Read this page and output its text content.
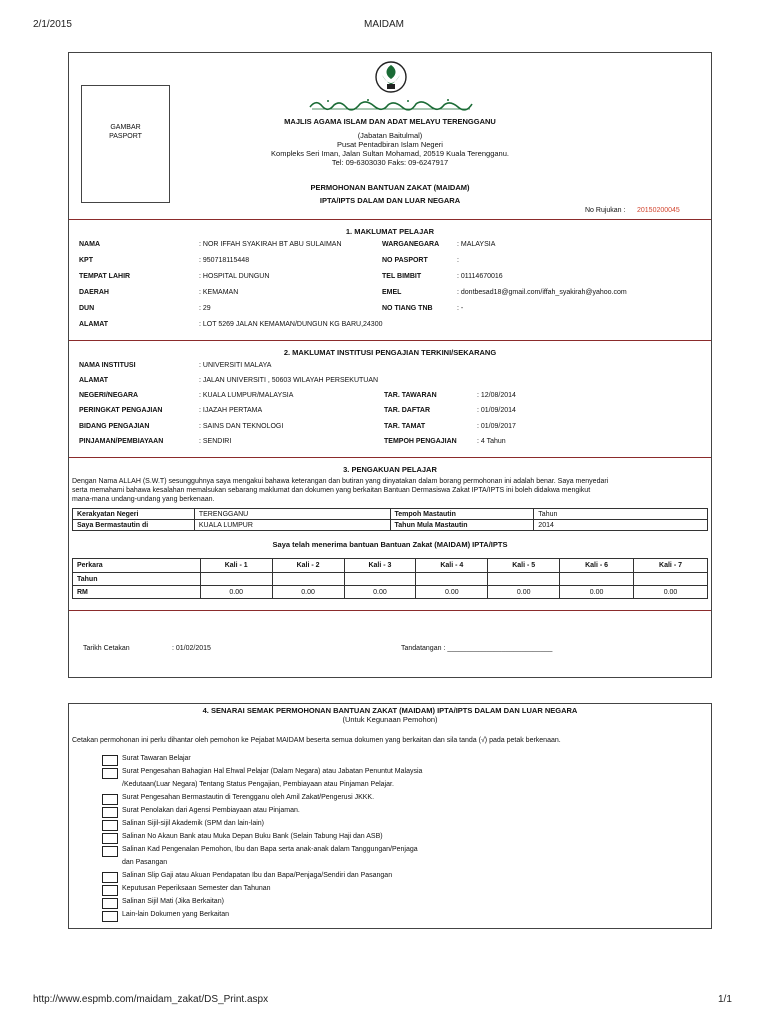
2/1/2015	MAIDAM
GAMBAR
PASPORT
MAJLIS AGAMA ISLAM DAN ADAT MELAYU TERENGGANU
(Jabatan Baitulmal)
Pusat Pentadbiran Islam Negeri
Kompleks Seri Iman, Jalan Sultan Mohamad, 20519 Kuala Terengganu.
Tel: 09-6303030 Faks: 09-6247917
PERMOHONAN BANTUAN ZAKAT (MAIDAM)
IPTA/IPTS DALAM DAN LUAR NEGARA
No Rujukan : 20150200045
1. MAKLUMAT PELAJAR
NAMA	: NOR IFFAH SYAKIRAH BT ABU SULAIMAN
KPT	: 950718115448
TEMPAT LAHIR	: HOSPITAL DUNGUN
DAERAH	: KEMAMAN
DUN	: 29
ALAMAT	: LOT 5269 JALAN KEMAMAN/DUNGUN KG BARU,24300
WARGANEGARA	: MALAYSIA
NO PASPORT	:
TEL BIMBIT	: 01114670016
EMEL	: dontbesad18@gmail.com/iffah_syakirah@yahoo.com
NO TIANG TNB	: -
2. MAKLUMAT INSTITUSI PENGAJIAN TERKINI/SEKARANG
NAMA INSTITUSI	: UNIVERSITI MALAYA
ALAMAT	: JALAN UNIVERSITI , 50603 WILAYAH PERSEKUTUAN
NEGERI/NEGARA	: KUALA LUMPUR/MALAYSIA
PERINGKAT PENGAJIAN	: IJAZAH PERTAMA
BIDANG PENGAJIAN	: SAINS DAN TEKNOLOGI
PINJAMAN/PEMBIAYAAN	: SENDIRI
TAR. TAWARAN	: 12/08/2014
TAR. DAFTAR	: 01/09/2014
TAR. TAMAT	: 01/09/2017
TEMPOH PENGAJIAN	: 4 Tahun
3. PENGAKUAN PELAJAR
Dengan Nama ALLAH (S.W.T) sesungguhnya saya mengakui bahawa keterangan dan butiran yang dinyatakan dalam borang permohonan ini adalah benar. Saya menyedari
serta memahami bahawa kesalahan memalsukan sebarang maklumat dan dokumen yang berkaitan Bantuan Dermasiswa Zakat IPTA/IPTS ini boleh didakwa mengikut
mana-mana undang-undang yang berkenaan.
Kerakyatan Negeri	TERENGGANU	Tempoh Mastautin	Tahun
Saya Bermastautin di	KUALA LUMPUR	Tahun Mula Mastautin	2014
Saya telah menerima bantuan Bantuan Zakat (MAIDAM) IPTA/IPTS
Perkara	Kali - 1	Kali - 2	Kali - 3	Kali - 4	Kali - 5	Kali - 6	Kali - 7
Tahun							
RM	0.00	0.00	0.00	0.00	0.00	0.00	0.00
Tarikh Cetakan	: 01/02/2015	Tandatangan : ___________________________
4. SENARAI SEMAK PERMOHONAN BANTUAN ZAKAT (MAIDAM) IPTA/IPTS DALAM DAN LUAR NEGARA
(Untuk Kegunaan Pemohon)
Cetakan permohonan ini perlu dihantar oleh pemohon ke Pejabat MAIDAM beserta semua dokumen yang berkaitan dan sila tanda (√) pada petak berkenaan.
Surat Tawaran Belajar
Surat Pengesahan Bahagian Hal Ehwal Pelajar (Dalam Negara) atau Jabatan Penuntut Malaysia
/Kedutaan(Luar Negara) Tentang Status Pengajian, Pembiayaan atau Pinjaman Pelajar.
Surat Pengesahan Bermastautin di Terengganu oleh Amil Zakat/Pengerusi JKKK.
Surat Penolakan dari Agensi Pembiayaan atau Pinjaman.
Salinan Sijil-sijil Akademik (SPM dan lain-lain)
Salinan No Akaun Bank atau Muka Depan Buku Bank (Selain Tabung Haji dan ASB)
Salinan Kad Pengenalan Pemohon, Ibu dan Bapa serta anak-anak dalam Tanggungan/Penjaga
dan Pasangan
Salinan Slip Gaji atau Akuan Pendapatan Ibu dan Bapa/Penjaga/Sendiri dan Pasangan
Keputusan Peperiksaan Semester dan Tahunan
Salinan Sijil Mati (Jika Berkaitan)
Lain-lain Dokumen yang Berkaitan
http://www.espmb.com/maidam_zakat/DS_Print.aspx	1/1
